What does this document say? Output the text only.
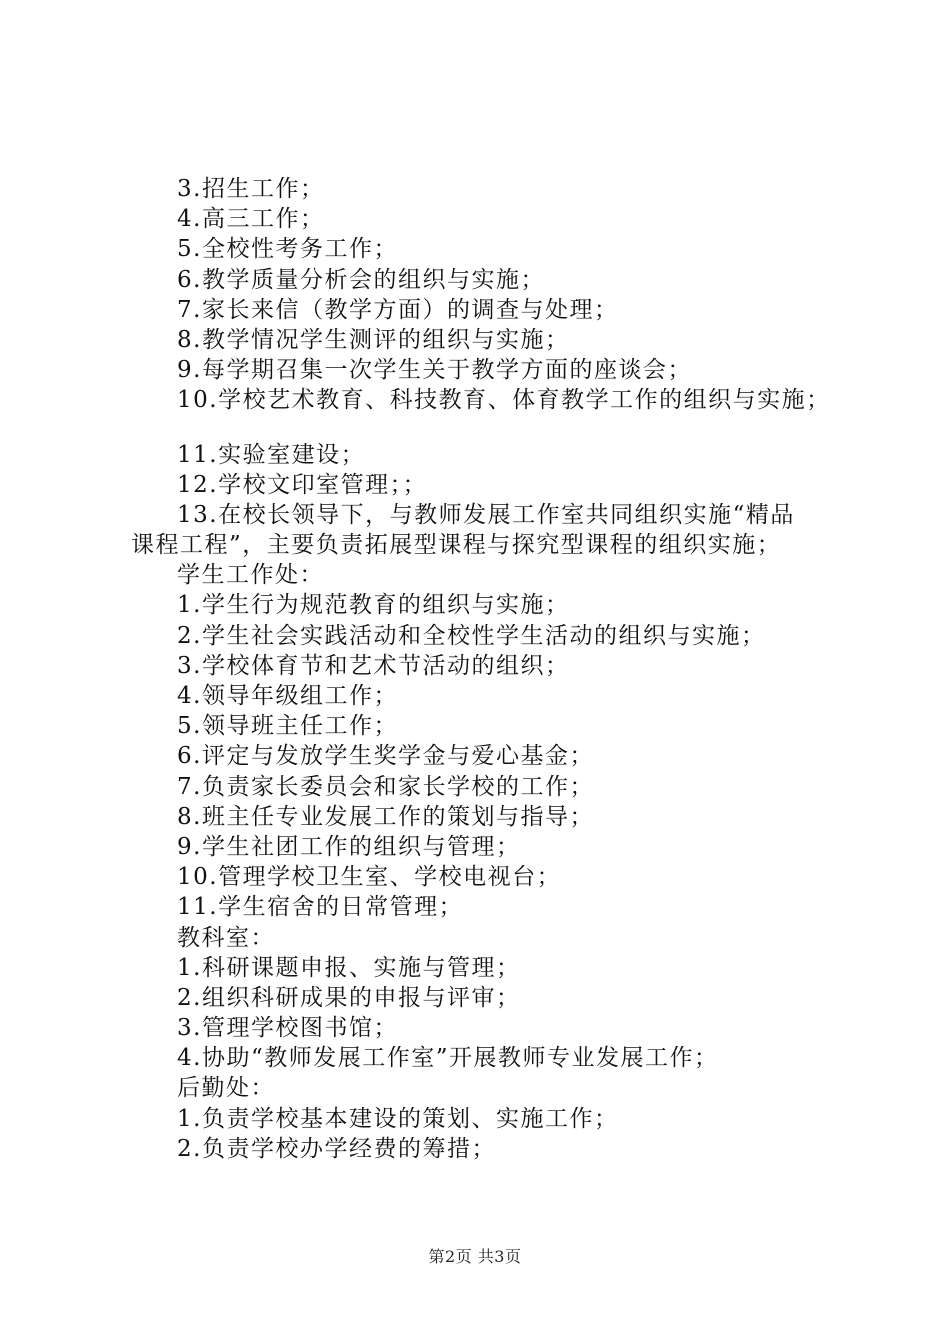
3.招生工作；
4.高三工作；
5.全校性考务工作；
6.教学质量分析会的组织与实施；
7.家长来信（教学方面）的调查与处理；
8.教学情况学生测评的组织与实施；
9.每学期召集一次学生关于教学方面的座谈会；
10.学校艺术教育、科技教育、体育教学工作的组织与实施；
11.实验室建设；
12.学校文印室管理；；
13.在校长领导下，与教师发展工作室共同组织实施“精品
课程工程”，主要负责拓展型课程与探究型课程的组织实施；
学生工作处：
1.学生行为规范教育的组织与实施；
2.学生社会实践活动和全校性学生活动的组织与实施；
3.学校体育节和艺术节活动的组织；
4.领导年级组工作；
5.领导班主任工作；
6.评定与发放学生奖学金与爱心基金；
7.负责家长委员会和家长学校的工作；
8.班主任专业发展工作的策划与指导；
9.学生社团工作的组织与管理；
10.管理学校卫生室、学校电视台；
11.学生宿舍的日常管理；
教科室：
1.科研课题申报、实施与管理；
2.组织科研成果的申报与评审；
3.管理学校图书馆；
4.协助“教师发展工作室”开展教师专业发展工作；
后勤处：
1.负责学校基本建设的策划、实施工作；
2.负责学校办学经费的筹措；
第2页 共3页
